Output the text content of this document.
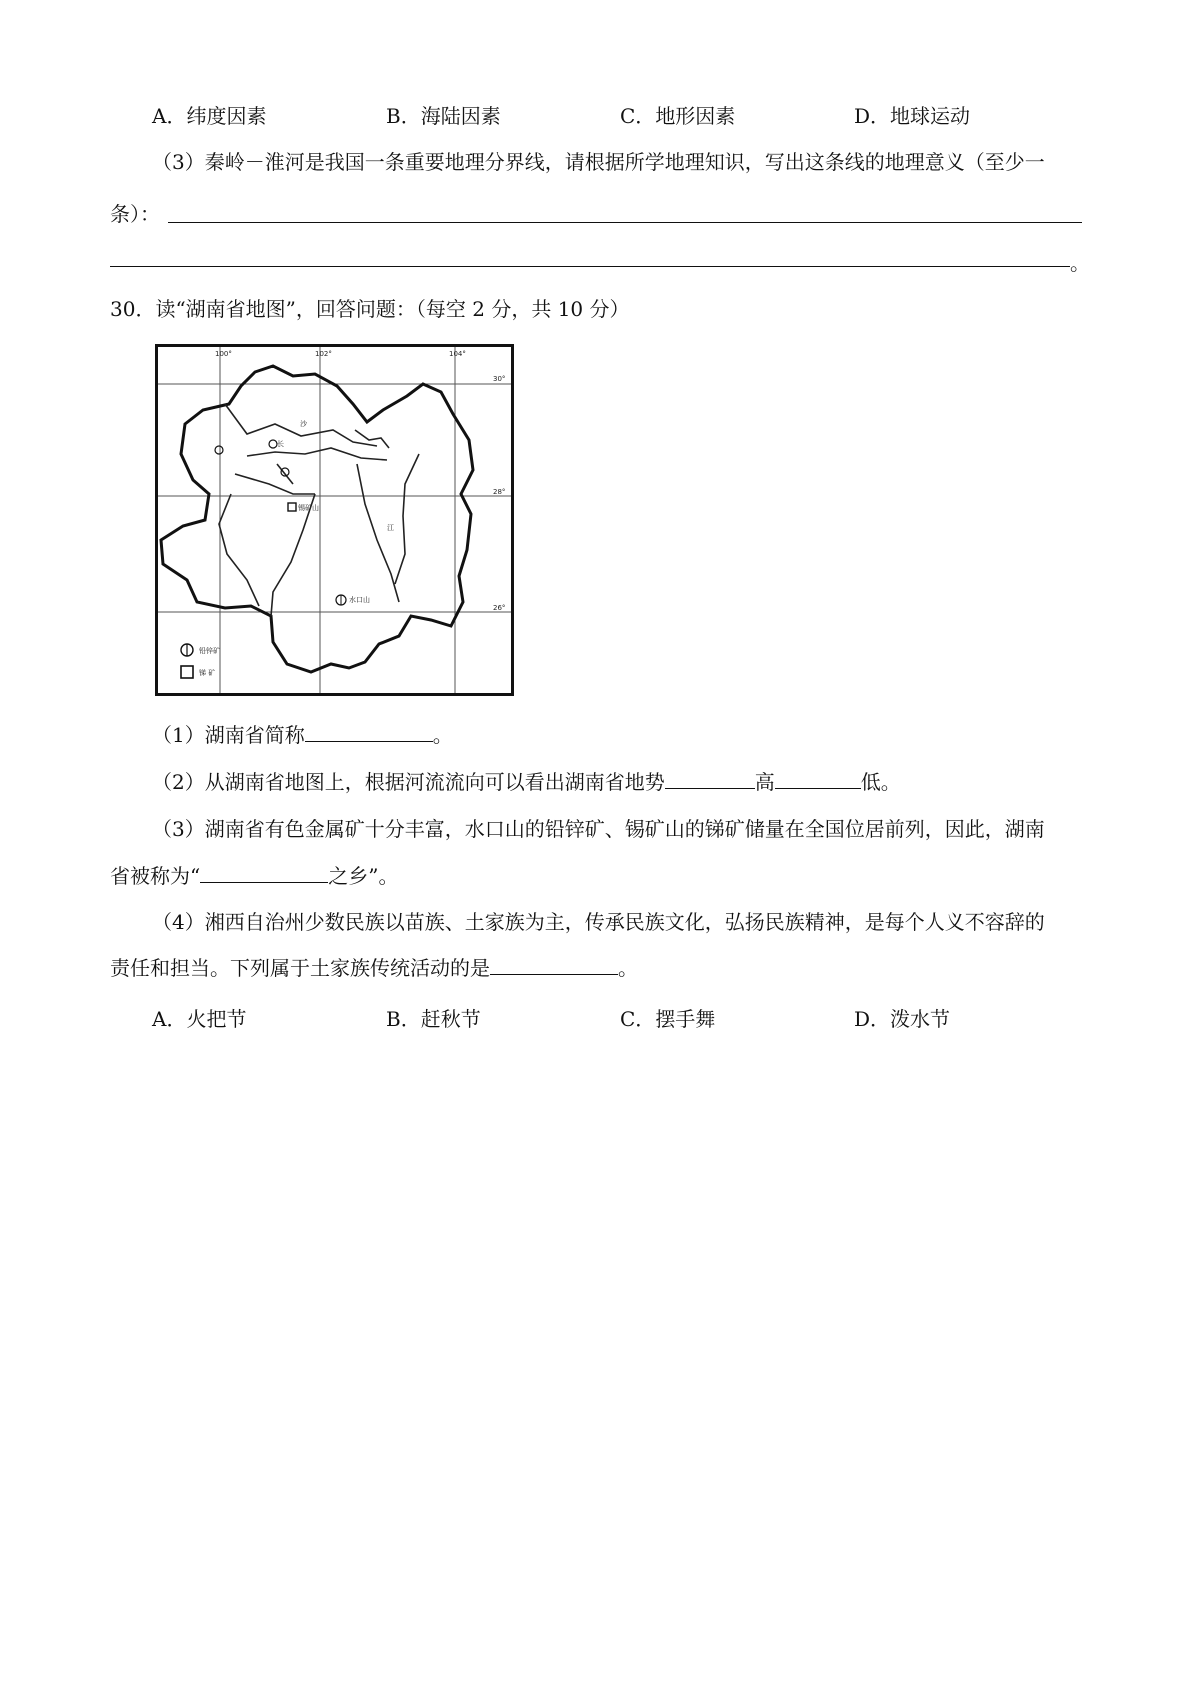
A．纬度因素	B．海陆因素	C．地形因素	D．地球运动
（3）秦岭－淮河是我国一条重要地理分界线，请根据所学地理知识，写出这条线的地理意义（至少一
条）：
。
30．读“湖南省地图”，回答问题：（每空 2 分，共 10 分）
100°	102°	104°
30°
28°
26°
长
沙
锡矿山
水口山
江
铅锌矿
锑 矿
（1）湖南省简称	。
（2）从湖南省地图上，根据河流流向可以看出湖南省地势	高	低。
（3）湖南省有色金属矿十分丰富，水口山的铅锌矿、锡矿山的锑矿储量在全国位居前列，因此，湖南
省被称为“	之乡”。
（4）湘西自治州少数民族以苗族、土家族为主，传承民族文化，弘扬民族精神，是每个人义不容辞的
责任和担当。下列属于土家族传统活动的是	。
A．火把节	B．赶秋节	C．摆手舞	D．泼水节
